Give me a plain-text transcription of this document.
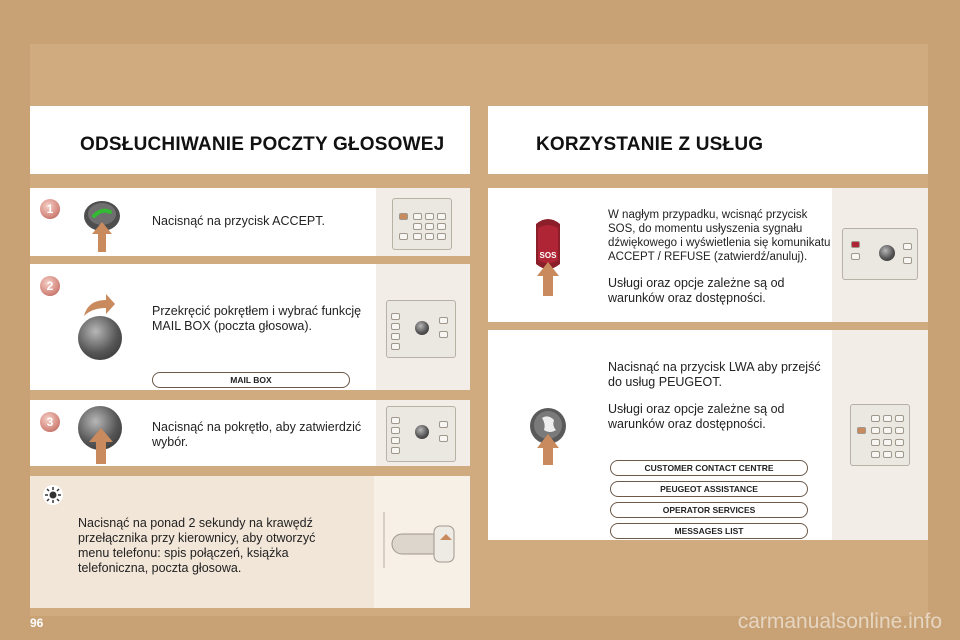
ODSŁUCHIWANIE POCZTY GŁOSOWEJ	KORZYSTANIE Z USŁUG
1
Nacisnąć na przycisk ACCEPT.
2
Przekręcić pokrętłem i wybrać funkcję MAIL BOX (poczta głosowa).
MAIL BOX
3	Nacisnąć na pokrętło, aby zatwierdzić wybór.
Nacisnąć na ponad 2 sekundy na krawędź przełącznika przy kierownicy, aby otworzyć menu telefonu: spis połączeń, książka telefoniczna, poczta głosowa.
SOS
W nagłym przypadku, wcisnąć przycisk SOS, do momentu usłyszenia sygnału dźwiękowego i wyświetlenia się komunikatu ACCEPT / REFUSE (zatwierdź/anuluj).
Usługi oraz opcje zależne są od warunków oraz dostępności.
Nacisnąć na przycisk LWA aby przejść do usług PEUGEOT.
Usługi oraz opcje zależne są od warunków oraz dostępności.
CUSTOMER CONTACT CENTRE
PEUGEOT ASSISTANCE
OPERATOR SERVICES
MESSAGES LIST
96	carmanualsonline.info
